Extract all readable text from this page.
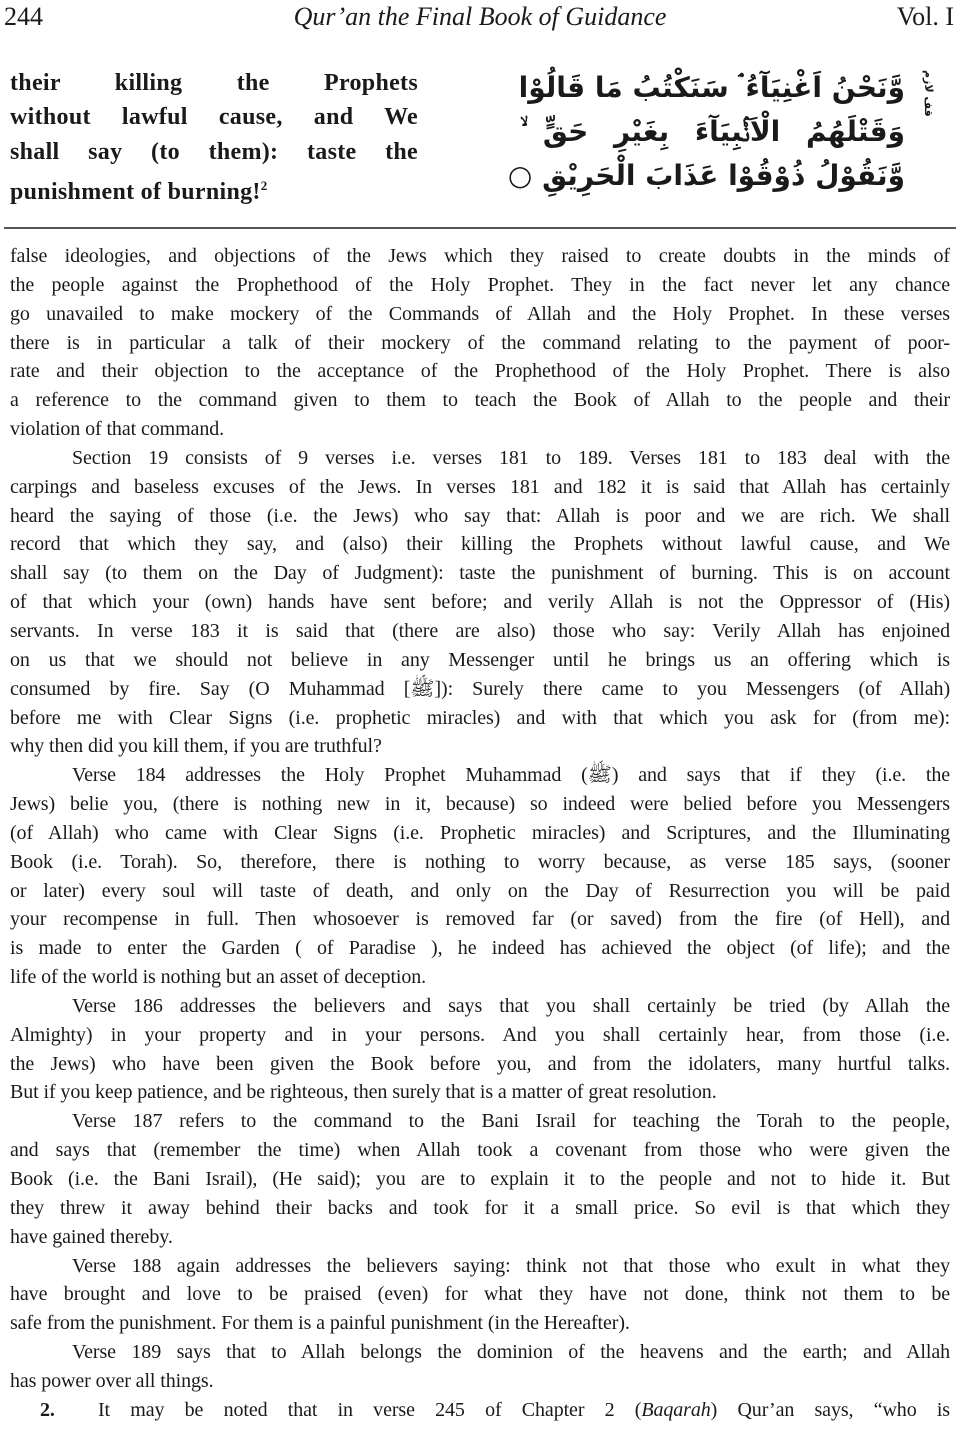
244	Qur’an the Final Book of Guidance	Vol. I
their killing the Prophets
without lawful cause, and We
shall say (to them): taste the
punishment of burning!$^2$
وَّنَحْنُ اَغْنِيَآءُ ۘ سَنَكْتُبُ مَا قَالُوْا
وَقَتْلَهُمُ الْاَنْۢبِيَآءَ بِغَيْرِ حَقٍّ ۙ
وَّنَقُوْلُ ذُوْقُوْا عَذَابَ الْحَرِيْقِ ○
قف لازم
false ideologies, and objections of the Jews which they raised to create doubts in the minds of
the people against the Prophethood of the Holy Prophet. They in the fact never let any chance
go unavailed to make mockery of the Commands of Allah and the Holy Prophet. In these verses
there is in particular a talk of their mockery of the command relating to the payment of poor-
rate and their objection to the acceptance of the Prophethood of the Holy Prophet. There is also
a reference to the command given to them to teach the Book of Allah to the people and their
violation of that command.
Section 19 consists of 9 verses i.e. verses 181 to 189. Verses 181 to 183 deal with the
carpings and baseless excuses of the Jews. In verses 181 and 182 it is said that Allah has certainly
heard the saying of those (i.e. the Jews) who say that: Allah is poor and we are rich. We shall
record that which they say, and (also) their killing the Prophets without lawful cause, and We
shall say (to them on the Day of Judgment): taste the punishment of burning. This is on account
of that which your (own) hands have sent before; and verily Allah is not the Oppressor of (His)
servants. In verse 183 it is said that (there are also) those who say: Verily Allah has enjoined
on us that we should not believe in any Messenger until he brings us an offering which is
consumed by fire. Say (O Muhammad [ﷺ]): Surely there came to you Messengers (of Allah)
before me with Clear Signs (i.e. prophetic miracles) and with that which you ask for (from me):
why then did you kill them, if you are truthful?
Verse 184 addresses the Holy Prophet Muhammad (ﷺ) and says that if they (i.e. the
Jews) belie you, (there is nothing new in it, because) so indeed were belied before you Messengers
(of Allah) who came with Clear Signs (i.e. Prophetic miracles) and Scriptures, and the Illuminating
Book (i.e. Torah). So, therefore, there is nothing to worry because, as verse 185 says, (sooner
or later) every soul will taste of death, and only on the Day of Resurrection you will be paid
your recompense in full. Then whosoever is removed far (or saved) from the fire (of Hell), and
is made to enter the Garden ( of Paradise ), he indeed has achieved the object (of life); and the
life of the world is nothing but an asset of deception.
Verse 186 addresses the believers and says that you shall certainly be tried (by Allah the
Almighty) in your property and in your persons. And you shall certainly hear, from those (i.e.
the Jews) who have been given the Book before you, and from the idolaters, many hurtful talks.
But if you keep patience, and be righteous, then surely that is a matter of great resolution.
Verse 187 refers to the command to the Bani Israil for teaching the Torah to the people,
and says that (remember the time) when Allah took a covenant from those who were given the
Book (i.e. the Bani Israil), (He said); you are to explain it to the people and not to hide it. But
they threw it away behind their backs and took for it a small price. So evil is that which they
have gained thereby.
Verse 188 again addresses the believers saying: think not that those who exult in what they
have brought and love to be praised (even) for what they have not done, think not them to be
safe from the punishment. For them is a painful punishment (in the Hereafter).
Verse 189 says that to Allah belongs the dominion of the heavens and the earth; and Allah
has power over all things.
2. It may be noted that in verse 245 of Chapter 2 (Baqarah) Qur’an says, “who is
